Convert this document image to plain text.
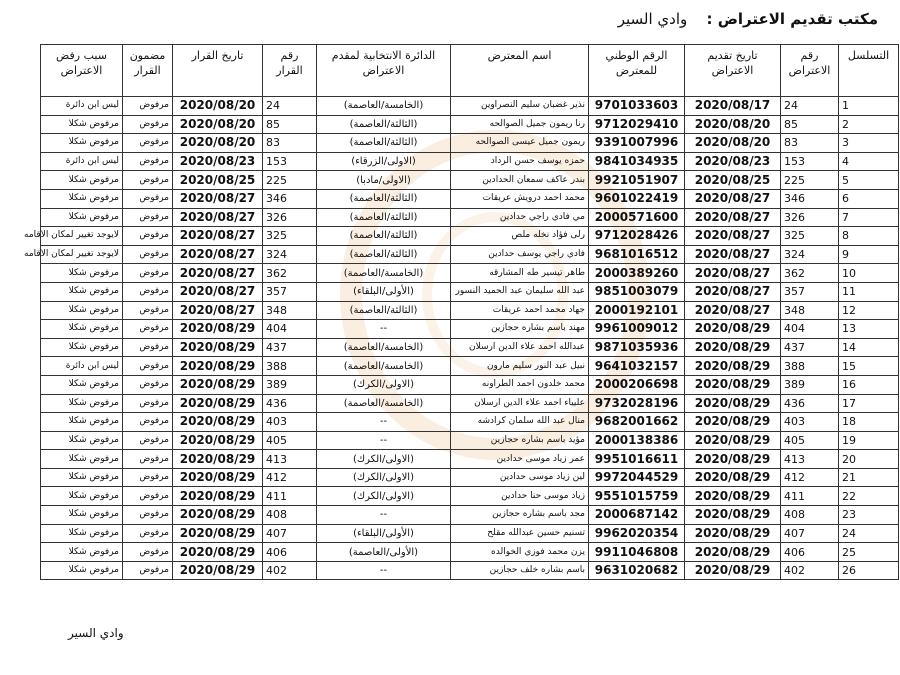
مكتب تقديم الاعتراض : وادي السير
التسلسل	رقم الاعتراض	تاريخ تقديم الاعتراض	الرقم الوطني للمعترض	اسم المعترض	الدائرة الانتخابية لمقدم الاعتراض	رقم القرار	تاريخ القرار	مضمون القرار	سبب رفض الاعتراض
1	24	2020/08/17	9701033603	نذير غضبان سليم النصراوين	(الخامسة/العاصمة)	24	2020/08/20	مرفوض	ليس ابن دائرة
2	85	2020/08/20	9712029410	رنا ريمون جميل الصوالحه	(الثالثة/العاصمة)	85	2020/08/20	مرفوض	مرفوض شكلا
3	83	2020/08/20	9391007996	ريمون جميل عيسى الصوالحه	(الثالثة/العاصمة)	83	2020/08/20	مرفوض	مرفوض شكلا
4	153	2020/08/23	9841034935	حمزه يوسف حسن الرداد	(الاولى/الزرقاء)	153	2020/08/23	مرفوض	ليس ابن دائرة
5	225	2020/08/25	9921051907	بندر عاكف سمعان الحدادين	(الاولى/مادبا)	225	2020/08/25	مرفوض	مرفوض شكلا
6	346	2020/08/27	9601022419	محمد احمد درويش عريقات	(الثالثة/العاصمة)	346	2020/08/27	مرفوض	مرفوض شكلا
7	326	2020/08/27	2000571600	مي فادي راجي حدادين	(الثالثة/العاصمة)	326	2020/08/27	مرفوض	مرفوض شكلا
8	325	2020/08/27	9712028426	رلى فؤاد نخله ملص	(الثالثة/العاصمة)	325	2020/08/27	مرفوض	لايوجد تغيير لمكان الاقامه
9	324	2020/08/27	9681016512	فادي راجي يوسف حدادين	(الثالثة/العاصمة)	324	2020/08/27	مرفوض	لايوجد تغيير لمكان الاقامه
10	362	2020/08/27	2000389260	طاهر تيسير طه المشارقه	(الخامسة/العاصمة)	362	2020/08/27	مرفوض	مرفوض شكلا
11	357	2020/08/27	9851003079	عبد الله سليمان عبد الحميد النسور	(الأولى/البلقاء)	357	2020/08/27	مرفوض	مرفوض شكلا
12	348	2020/08/27	2000192101	جهاد محمد احمد عريقات	(الثالثة/العاصمة)	348	2020/08/27	مرفوض	مرفوض شكلا
13	404	2020/08/29	9961009012	مهند باسم بشاره حجازين	--	404	2020/08/29	مرفوض	مرفوض شكلا
14	437	2020/08/29	9871035936	عبدالله احمد علاء الدين ارسلان	(الخامسة/العاصمة)	437	2020/08/29	مرفوض	مرفوض شكلا
15	388	2020/08/29	9641032157	نبيل عبد النور سليم مارون	(الخامسة/العاصمة)	388	2020/08/29	مرفوض	ليس ابن دائرة
16	389	2020/08/29	2000206698	محمد خلدون احمد الطراونه	(الاولى/الكرك)	389	2020/08/29	مرفوض	مرفوض شكلا
17	436	2020/08/29	9732028196	عليياء احمد علاء الدين ارسلان	(الخامسة/العاصمة)	436	2020/08/29	مرفوض	مرفوض شكلا
18	403	2020/08/29	9682001662	منال عبد الله سلمان كرادشه	--	403	2020/08/29	مرفوض	مرفوض شكلا
19	405	2020/08/29	2000138386	مؤيد باسم بشاره حجازين	--	405	2020/08/29	مرفوض	مرفوض شكلا
20	413	2020/08/29	9951016611	عمر زياد موسى حدادين	(الاولى/الكرك)	413	2020/08/29	مرفوض	مرفوض شكلا
21	412	2020/08/29	9972044529	لين زياد موسى حدادين	(الاولى/الكرك)	412	2020/08/29	مرفوض	مرفوض شكلا
22	411	2020/08/29	9551015759	زياد موسى حنا حدادين	(الاولى/الكرك)	411	2020/08/29	مرفوض	مرفوض شكلا
23	408	2020/08/29	2000687142	مجد باسم بشاره حجازين	--	408	2020/08/29	مرفوض	مرفوض شكلا
24	407	2020/08/29	9962020354	تسنيم حسين عبدالله مقلح	(الأولى/البلقاء)	407	2020/08/29	مرفوض	مرفوض شكلا
25	406	2020/08/29	9911046808	يزن محمد فوزي الخوالده	(الأولى/العاصمة)	406	2020/08/29	مرفوض	مرفوض شكلا
26	402	2020/08/29	9631020682	باسم بشاره خلف حجازين	--	402	2020/08/29	مرفوض	مرفوض شكلا
وادي السير
